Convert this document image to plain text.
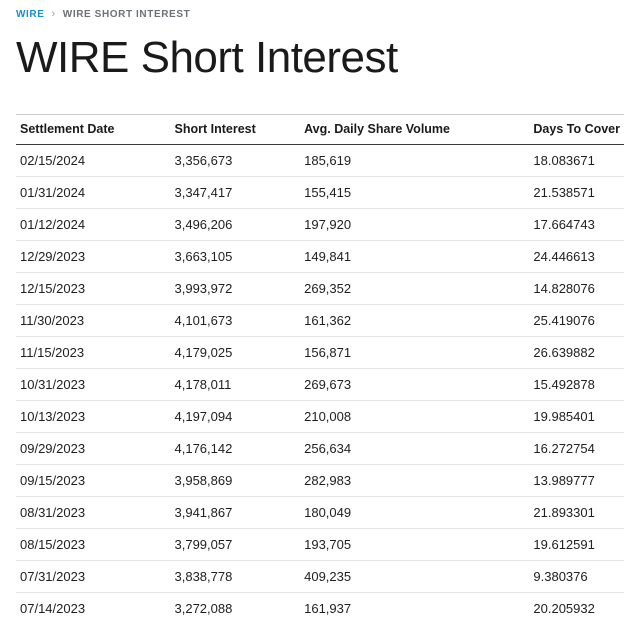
WIRE › WIRE SHORT INTEREST
WIRE Short Interest
Settlement Date	Short Interest	Avg. Daily Share Volume	Days To Cover
02/15/2024	3,356,673	185,619	18.083671
01/31/2024	3,347,417	155,415	21.538571
01/12/2024	3,496,206	197,920	17.664743
12/29/2023	3,663,105	149,841	24.446613
12/15/2023	3,993,972	269,352	14.828076
11/30/2023	4,101,673	161,362	25.419076
11/15/2023	4,179,025	156,871	26.639882
10/31/2023	4,178,011	269,673	15.492878
10/13/2023	4,197,094	210,008	19.985401
09/29/2023	4,176,142	256,634	16.272754
09/15/2023	3,958,869	282,983	13.989777
08/31/2023	3,941,867	180,049	21.893301
08/15/2023	3,799,057	193,705	19.612591
07/31/2023	3,838,778	409,235	9.380376
07/14/2023	3,272,088	161,937	20.205932
